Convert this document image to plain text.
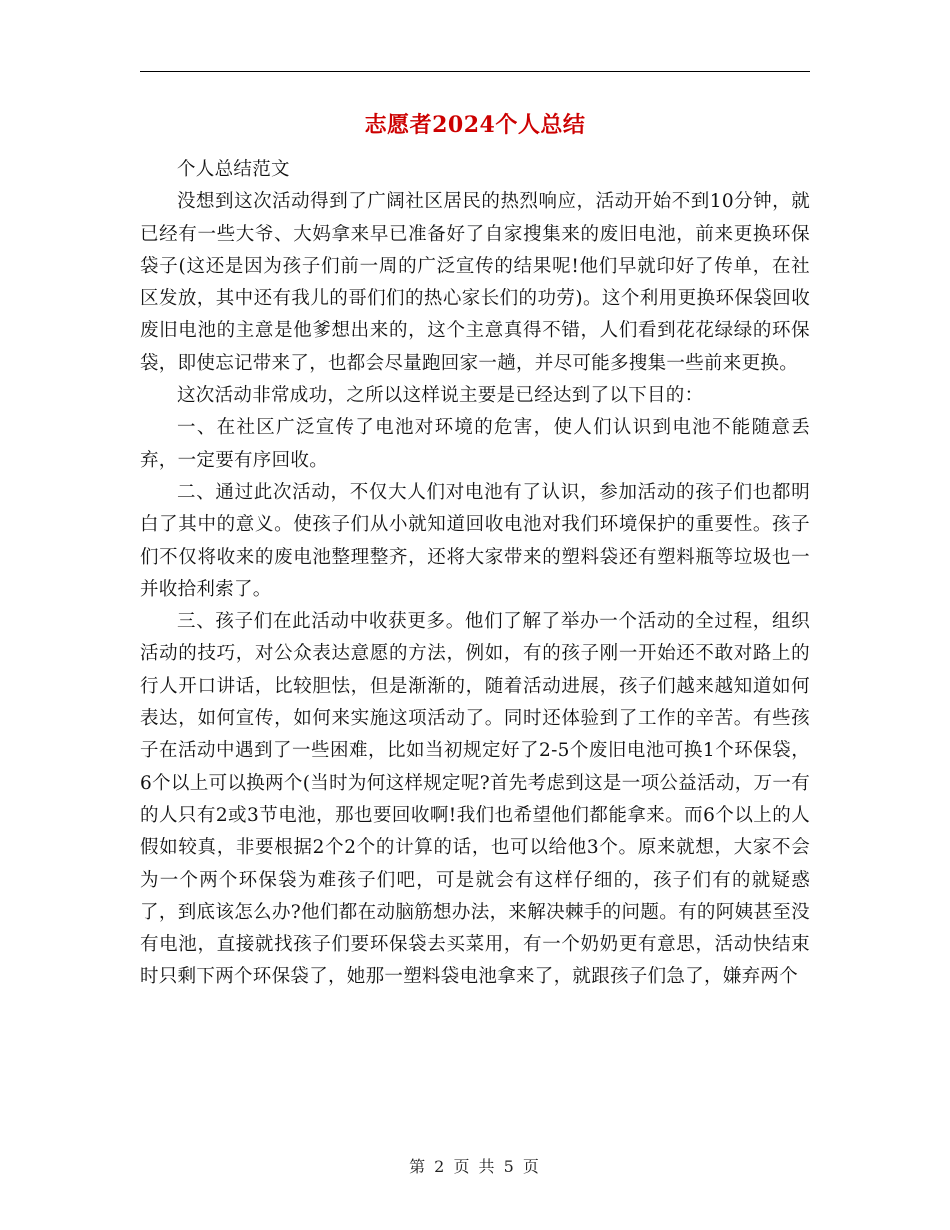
志愿者2024个人总结

个人总结范文

没想到这次活动得到了广阔社区居民的热烈响应，活动开始不到10分钟，就已经有一些大爷、大妈拿来早已准备好了自家搜集来的废旧电池，前来更换环保袋子(这还是因为孩子们前一周的广泛宣传的结果呢!他们早就印好了传单，在社区发放，其中还有我儿的哥们们的热心家长们的功劳)。这个利用更换环保袋回收废旧电池的主意是他爹想出来的，这个主意真得不错，人们看到花花绿绿的环保袋，即使忘记带来了，也都会尽量跑回家一趟，并尽可能多搜集一些前来更换。

这次活动非常成功，之所以这样说主要是已经达到了以下目的：

一、在社区广泛宣传了电池对环境的危害，使人们认识到电池不能随意丢弃，一定要有序回收。

二、通过此次活动，不仅大人们对电池有了认识，参加活动的孩子们也都明白了其中的意义。使孩子们从小就知道回收电池对我们环境保护的重要性。孩子们不仅将收来的废电池整理整齐，还将大家带来的塑料袋还有塑料瓶等垃圾也一并收拾利索了。

三、孩子们在此活动中收获更多。他们了解了举办一个活动的全过程，组织活动的技巧，对公众表达意愿的方法，例如，有的孩子刚一开始还不敢对路上的行人开口讲话，比较胆怯，但是渐渐的，随着活动进展，孩子们越来越知道如何表达，如何宣传，如何来实施这项活动了。同时还体验到了工作的辛苦。有些孩子在活动中遇到了一些困难，比如当初规定好了2-5个废旧电池可换1个环保袋，6个以上可以换两个(当时为何这样规定呢?首先考虑到这是一项公益活动，万一有的人只有2或3节电池，那也要回收啊!我们也希望他们都能拿来。而6个以上的人假如较真，非要根据2个2个的计算的话，也可以给他3个。原来就想，大家不会为一个两个环保袋为难孩子们吧，可是就会有这样仔细的，孩子们有的就疑惑了，到底该怎么办?他们都在动脑筋想办法，来解决棘手的问题。有的阿姨甚至没有电池，直接就找孩子们要环保袋去买菜用，有一个奶奶更有意思，活动快结束时只剩下两个环保袋了，她那一塑料袋电池拿来了，就跟孩子们急了，嫌弃两个

第 2 页 共 5 页
